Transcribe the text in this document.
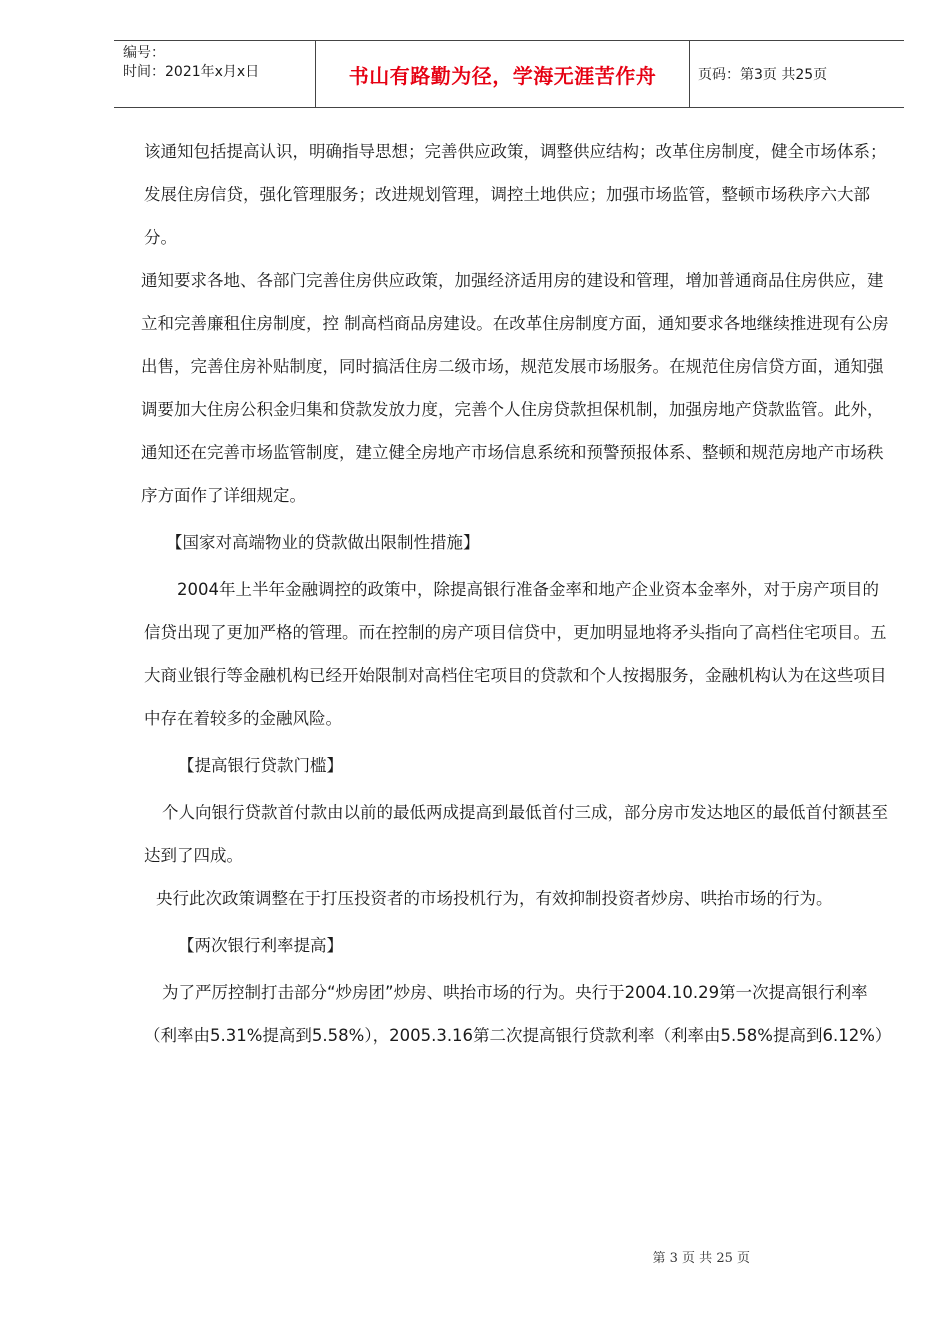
编号：
时间：2021年x月x日	书山有路勤为径，学海无涯苦作舟	页码：第3页 共25页

该通知包括提高认识，明确指导思想；完善供应政策，调整供应结构；改革住房制度，健全市场体系；发展住房信贷，强化管理服务；改进规划管理，调控土地供应；加强市场监管，整顿市场秩序六大部分。

通知要求各地、各部门完善住房供应政策，加强经济适用房的建设和管理，增加普通商品住房供应，建立和完善廉租住房制度，控 制高档商品房建设。在改革住房制度方面，通知要求各地继续推进现有公房出售，完善住房补贴制度，同时搞活住房二级市场，规范发展市场服务。在规范住房信贷方面，通知强调要加大住房公积金归集和贷款发放力度，完善个人住房贷款担保机制，加强房地产贷款监管。此外，通知还在完善市场监管制度，建立健全房地产市场信息系统和预警预报体系、整顿和规范房地产市场秩序方面作了详细规定。

【国家对高端物业的贷款做出限制性措施】

2004年上半年金融调控的政策中，除提高银行准备金率和地产企业资本金率外，对于房产项目的信贷出现了更加严格的管理。而在控制的房产项目信贷中，更加明显地将矛头指向了高档住宅项目。五大商业银行等金融机构已经开始限制对高档住宅项目的贷款和个人按揭服务，金融机构认为在这些项目中存在着较多的金融风险。

【提高银行贷款门槛】

个人向银行贷款首付款由以前的最低两成提高到最低首付三成，部分房市发达地区的最低首付额甚至达到了四成。

央行此次政策调整在于打压投资者的市场投机行为，有效抑制投资者炒房、哄抬市场的行为。

【两次银行利率提高】

为了严厉控制打击部分“炒房团”炒房、哄抬市场的行为。央行于2004.10.29第一次提高银行利率（利率由5.31%提高到5.58%），2005.3.16第二次提高银行贷款利率（利率由5.58%提高到6.12%）

第 3 页 共 25 页
